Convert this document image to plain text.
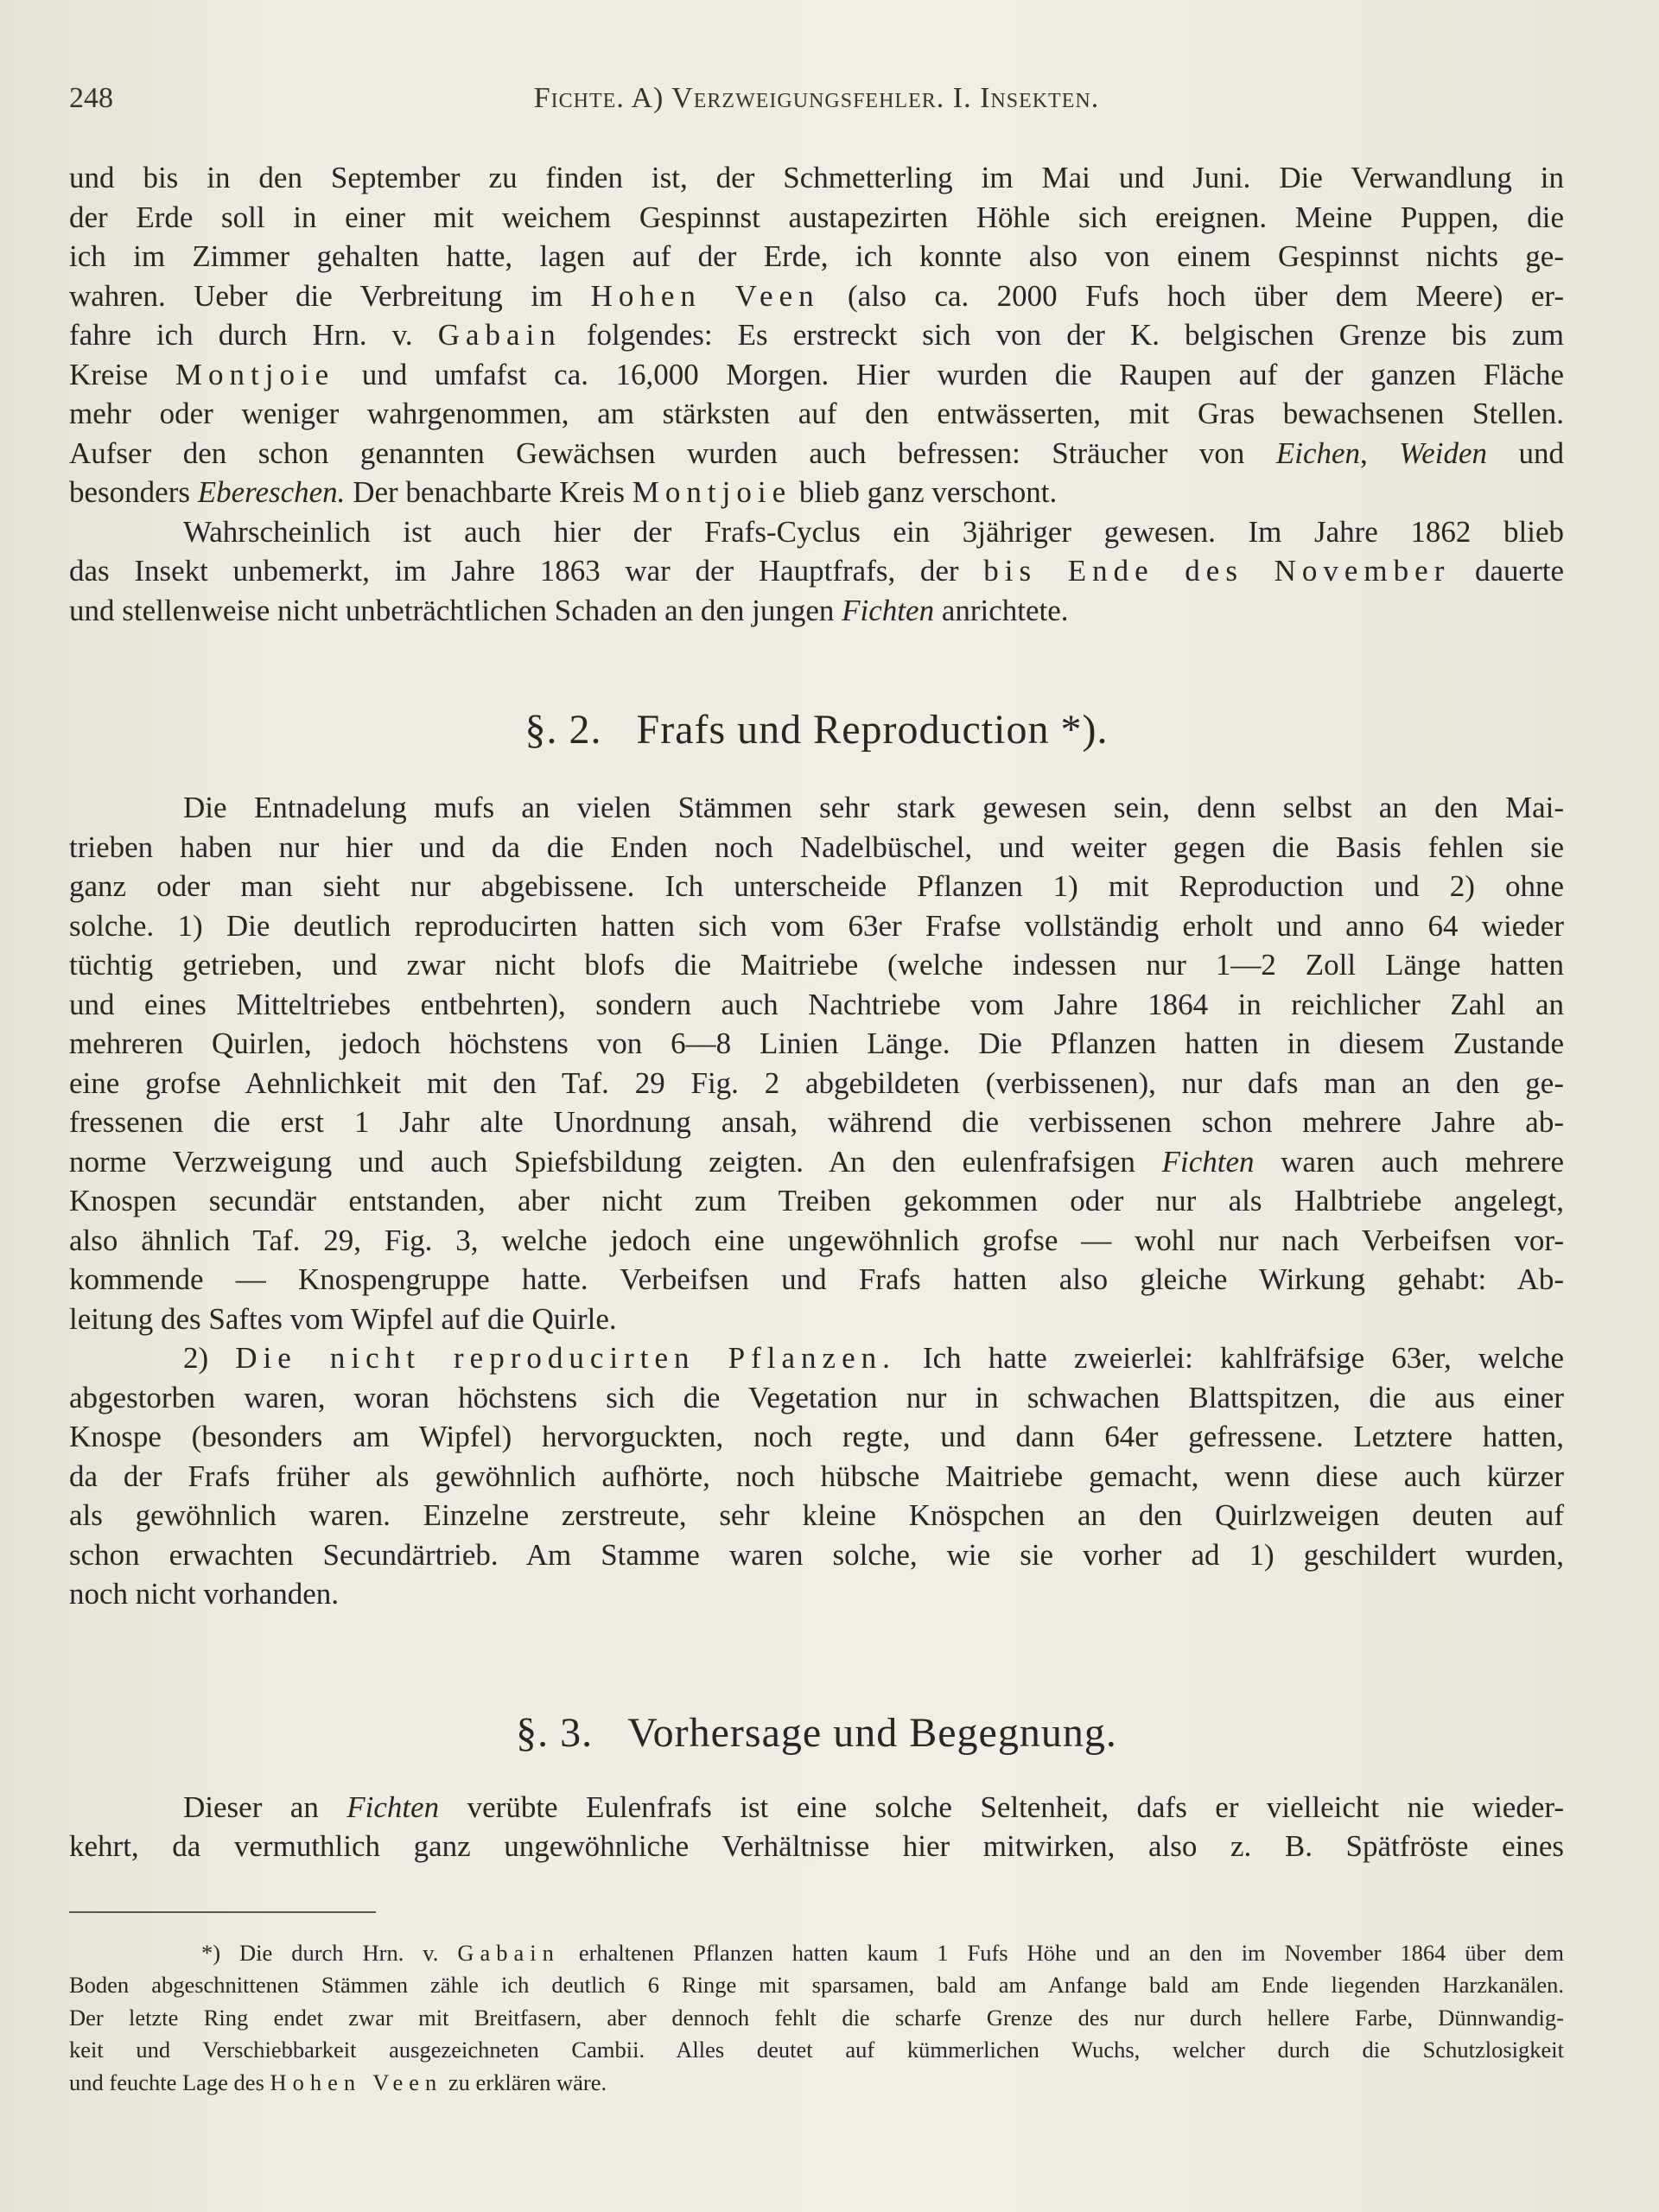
248	Fichte. A) Verzweigungsfehler. I. Insekten.

und bis in den September zu finden ist, der Schmetterling im Mai und Juni. Die Verwandlung in

der Erde soll in einer mit weichem Gespinnst austapezirten Höhle sich ereignen. Meine Puppen, die

ich im Zimmer gehalten hatte, lagen auf der Erde, ich konnte also von einem Gespinnst nichts ge-

wahren. Ueber die Verbreitung im Hohen Veen (also ca. 2000 Fufs hoch über dem Meere) er-

fahre ich durch Hrn. v. Gabain folgendes: Es erstreckt sich von der K. belgischen Grenze bis zum

Kreise Montjoie und umfafst ca. 16,000 Morgen. Hier wurden die Raupen auf der ganzen Fläche

mehr oder weniger wahrgenommen, am stärksten auf den entwässerten, mit Gras bewachsenen Stellen.

Aufser den schon genannten Gewächsen wurden auch befressen: Sträucher von Eichen, Weiden und

besonders Ebereschen. Der benachbarte Kreis Montjoie blieb ganz verschont.

Wahrscheinlich ist auch hier der Frafs-Cyclus ein 3jähriger gewesen. Im Jahre 1862 blieb

das Insekt unbemerkt, im Jahre 1863 war der Hauptfrafs, der bis Ende des November dauerte

und stellenweise nicht unbeträchtlichen Schaden an den jungen Fichten anrichtete.

§. 2. Frafs und Reproduction *).

Die Entnadelung mufs an vielen Stämmen sehr stark gewesen sein, denn selbst an den Mai-

trieben haben nur hier und da die Enden noch Nadelbüschel, und weiter gegen die Basis fehlen sie

ganz oder man sieht nur abgebissene. Ich unterscheide Pflanzen 1) mit Reproduction und 2) ohne

solche. 1) Die deutlich reproducirten hatten sich vom 63er Frafse vollständig erholt und anno 64 wieder

tüchtig getrieben, und zwar nicht blofs die Maitriebe (welche indessen nur 1—2 Zoll Länge hatten

und eines Mitteltriebes entbehrten), sondern auch Nachtriebe vom Jahre 1864 in reichlicher Zahl an

mehreren Quirlen, jedoch höchstens von 6—8 Linien Länge. Die Pflanzen hatten in diesem Zustande

eine grofse Aehnlichkeit mit den Taf. 29 Fig. 2 abgebildeten (verbissenen), nur dafs man an den ge-

fressenen die erst 1 Jahr alte Unordnung ansah, während die verbissenen schon mehrere Jahre ab-

norme Verzweigung und auch Spiefsbildung zeigten. An den eulenfrafsigen Fichten waren auch mehrere

Knospen secundär entstanden, aber nicht zum Treiben gekommen oder nur als Halbtriebe angelegt,

also ähnlich Taf. 29, Fig. 3, welche jedoch eine ungewöhnlich grofse — wohl nur nach Verbeifsen vor-

kommende — Knospengruppe hatte. Verbeifsen und Frafs hatten also gleiche Wirkung gehabt: Ab-

leitung des Saftes vom Wipfel auf die Quirle.

2) Die nicht reproducirten Pflanzen. Ich hatte zweierlei: kahlfräfsige 63er, welche

abgestorben waren, woran höchstens sich die Vegetation nur in schwachen Blattspitzen, die aus einer

Knospe (besonders am Wipfel) hervorguckten, noch regte, und dann 64er gefressene. Letztere hatten,

da der Frafs früher als gewöhnlich aufhörte, noch hübsche Maitriebe gemacht, wenn diese auch kürzer

als gewöhnlich waren. Einzelne zerstreute, sehr kleine Knöspchen an den Quirlzweigen deuten auf

schon erwachten Secundärtrieb. Am Stamme waren solche, wie sie vorher ad 1) geschildert wurden,

noch nicht vorhanden.

§. 3. Vorhersage und Begegnung.

Dieser an Fichten verübte Eulenfrafs ist eine solche Seltenheit, dafs er vielleicht nie wieder-

kehrt, da vermuthlich ganz ungewöhnliche Verhältnisse hier mitwirken, also z. B. Spätfröste eines

*) Die durch Hrn. v. Gabain erhaltenen Pflanzen hatten kaum 1 Fufs Höhe und an den im November 1864 über dem

Boden abgeschnittenen Stämmen zähle ich deutlich 6 Ringe mit sparsamen, bald am Anfange bald am Ende liegenden Harzkanälen.

Der letzte Ring endet zwar mit Breitfasern, aber dennoch fehlt die scharfe Grenze des nur durch hellere Farbe, Dünnwandig-

keit und Verschiebbarkeit ausgezeichneten Cambii. Alles deutet auf kümmerlichen Wuchs, welcher durch die Schutzlosigkeit

und feuchte Lage des Hohen Veen zu erklären wäre.
